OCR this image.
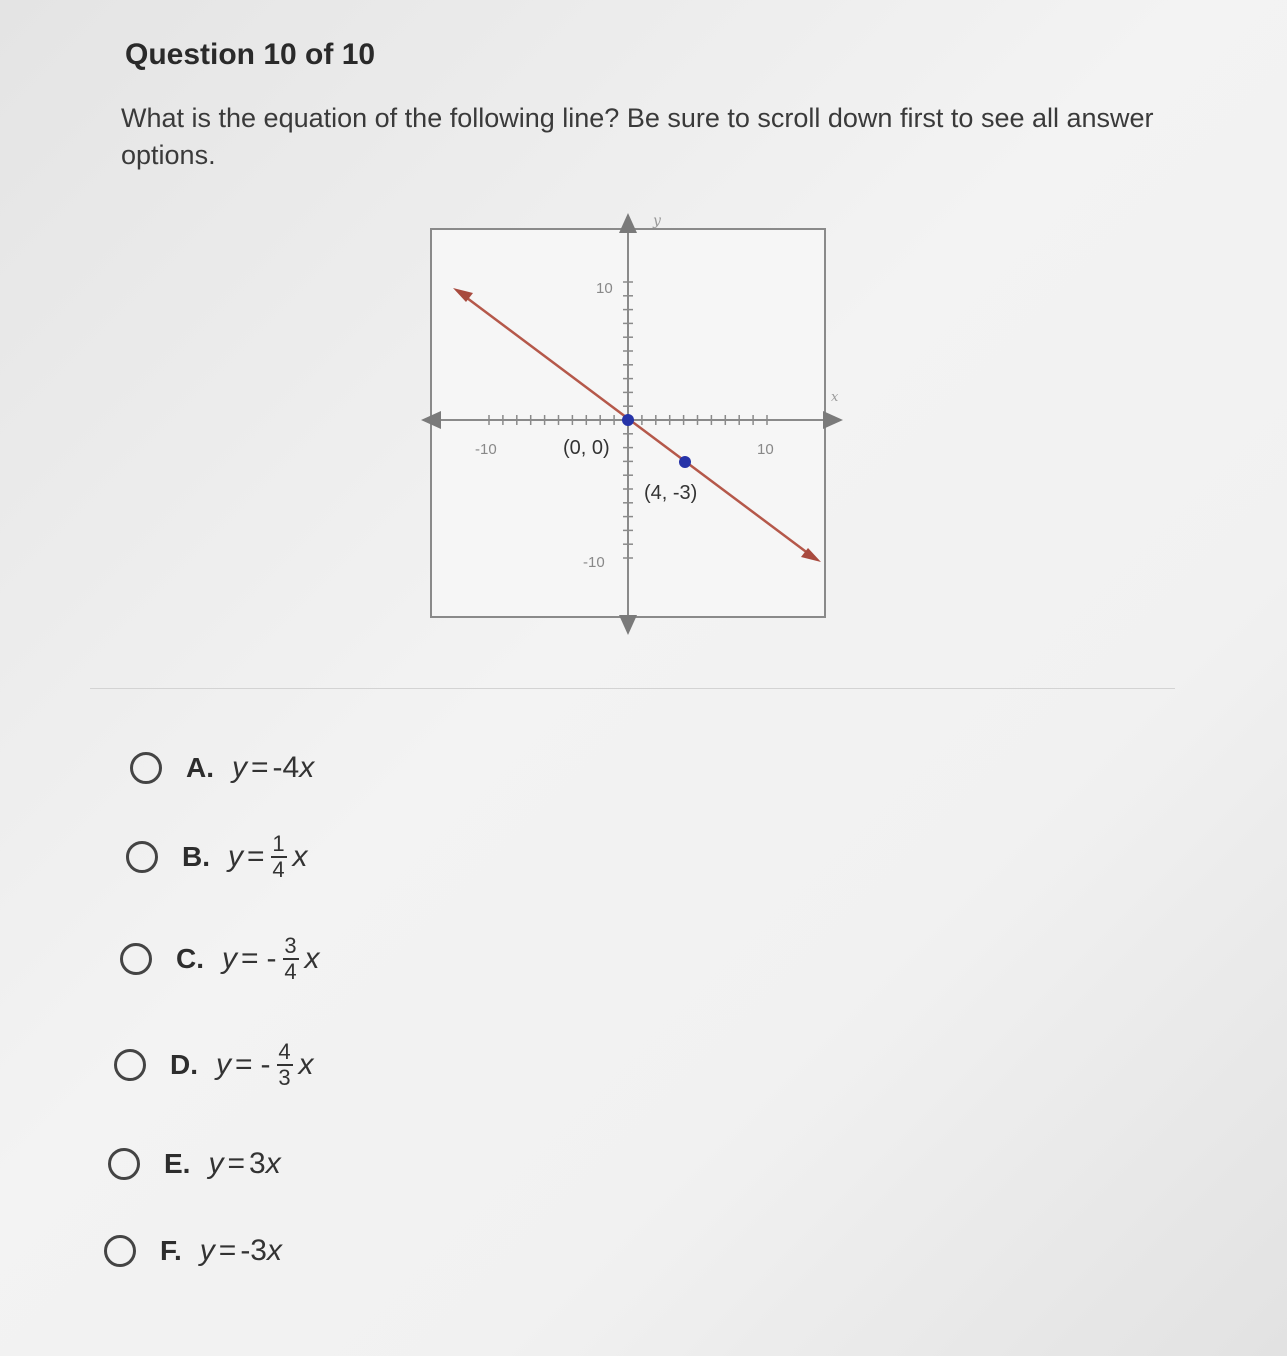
Question 10 of 10
What is the equation of the following line? Be sure to scroll down first to see all answer options.
x
y
-10	10
10
-10
(0, 0)
(4, -3)
A. y = -4 x
B. $y = \frac{1}{4}$ x
C. y = - $\frac{3}{4}$ x
D. y = - $\frac{4}{3}$ x
E. y = 3 x
F. y = -3 x
